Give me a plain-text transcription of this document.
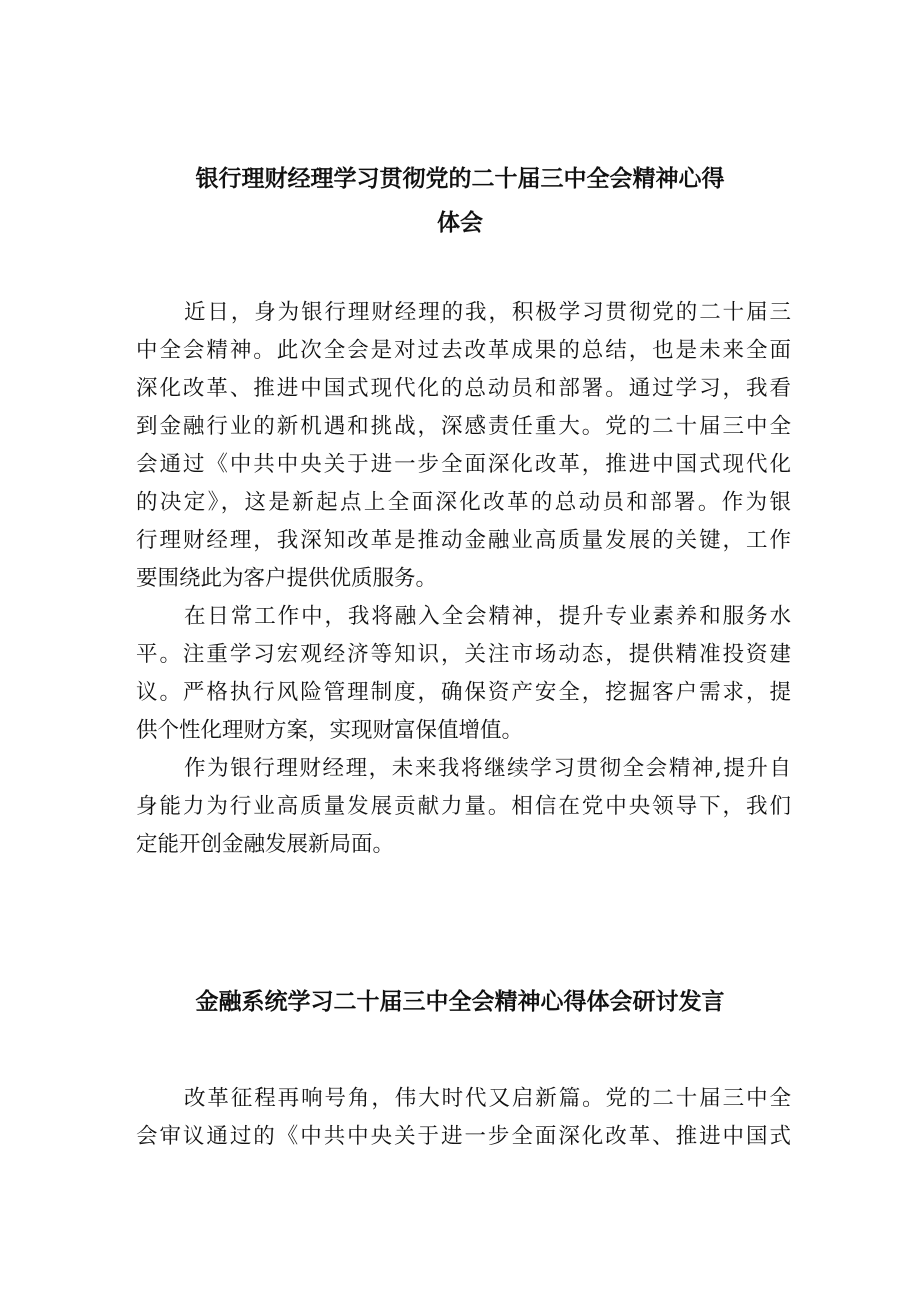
银行理财经理学习贯彻党的二十届三中全会精神心得
体会
近日，身为银行理财经理的我，积极学习贯彻党的二十届三
中全会精神。此次全会是对过去改革成果的总结，也是未来全面
深化改革、推进中国式现代化的总动员和部署。通过学习，我看
到金融行业的新机遇和挑战，深感责任重大。党的二十届三中全
会通过《中共中央关于进一步全面深化改革，推进中国式现代化
的决定》，这是新起点上全面深化改革的总动员和部署。作为银
行理财经理，我深知改革是推动金融业高质量发展的关键，工作
要围绕此为客户提供优质服务。
在日常工作中，我将融入全会精神，提升专业素养和服务水
平。注重学习宏观经济等知识，关注市场动态，提供精准投资建
议。严格执行风险管理制度，确保资产安全，挖掘客户需求，提
供个性化理财方案，实现财富保值增值。
作为银行理财经理，未来我将继续学习贯彻全会精神,提升自
身能力为行业高质量发展贡献力量。相信在党中央领导下，我们
定能开创金融发展新局面。
金融系统学习二十届三中全会精神心得体会研讨发言
改革征程再响号角，伟大时代又启新篇。党的二十届三中全
会审议通过的《中共中央关于进一步全面深化改革、推进中国式
